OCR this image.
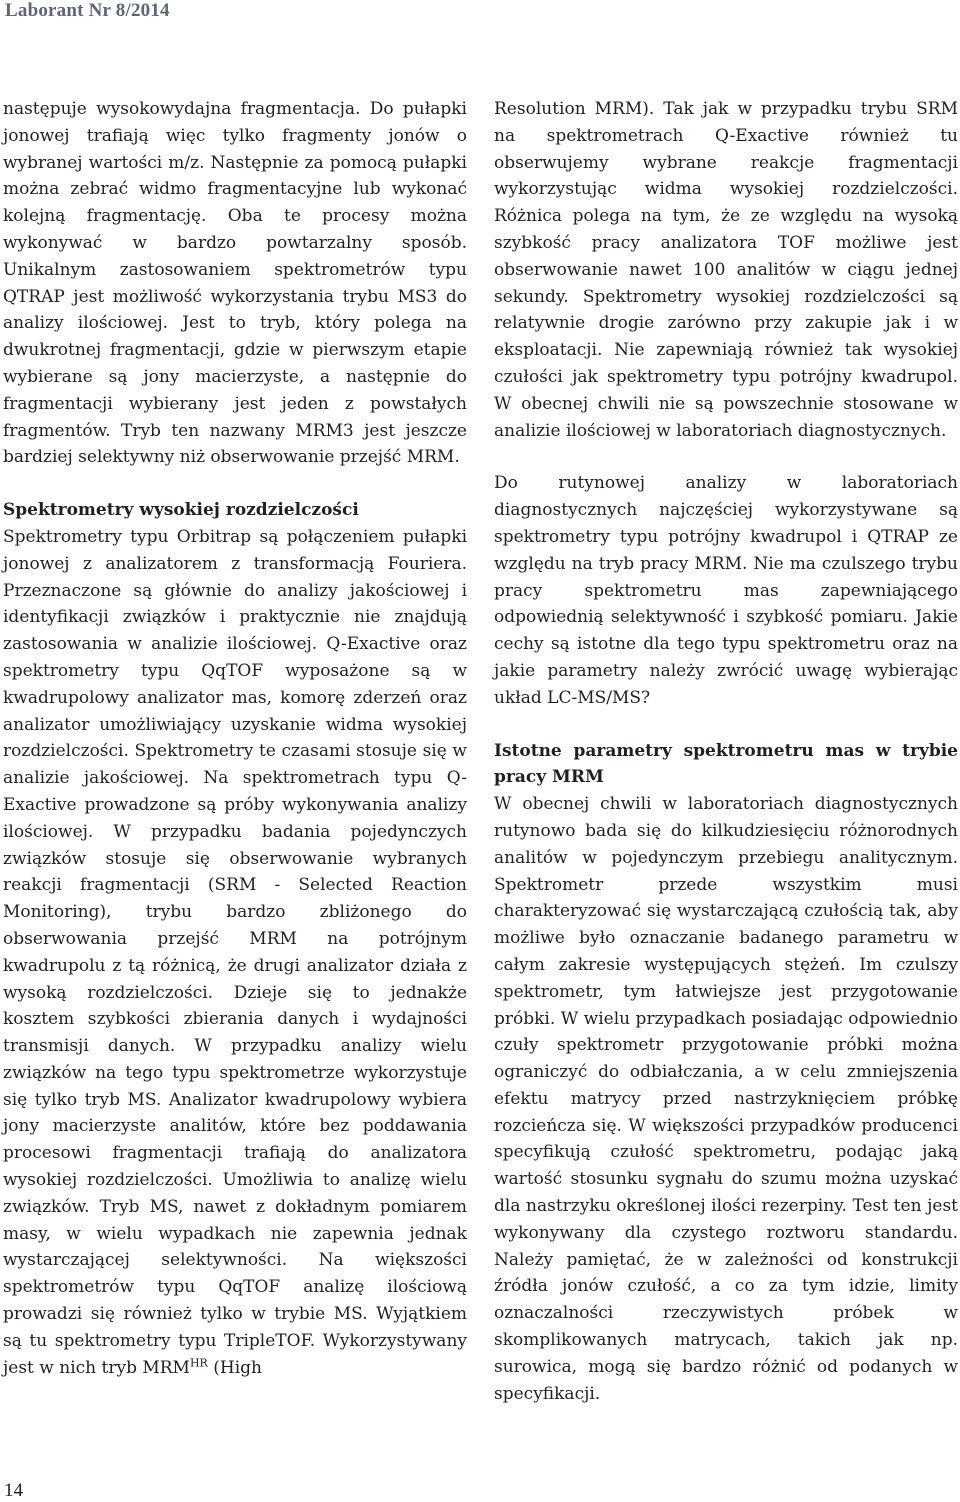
Laborant Nr 8/2014

następuje wysokowydajna fragmentacja. Do pułapki jonowej trafiają więc tylko fragmenty jonów o wybranej wartości m/z. Następnie za pomocą pułapki można zebrać widmo fragmentacyjne lub wykonać kolejną fragmentację. Oba te procesy można wykonywać w bardzo powtarzalny sposób. Unikalnym zastosowaniem spektrometrów typu QTRAP jest możliwość wykorzystania trybu MS3 do analizy ilościowej. Jest to tryb, który polega na dwukrotnej fragmentacji, gdzie w pierwszym etapie wybierane są jony macierzyste, a następnie do fragmentacji wybierany jest jeden z powstałych fragmentów. Tryb ten nazwany MRM3 jest jeszcze bardziej selektywny niż obserwowanie przejść MRM.

Spektrometry wysokiej rozdzielczości

Spektrometry typu Orbitrap są połączeniem pułapki jonowej z analizatorem z transformacją Fouriera. Przeznaczone są głównie do analizy jakościowej i identyfikacji związków i praktycznie nie znajdują zastosowania w analizie ilościowej. Q-Exactive oraz spektrometry typu QqTOF wyposażone są w kwadrupolowy analizator mas, komorę zderzeń oraz analizator umożliwiający uzyskanie widma wysokiej rozdzielczości. Spektrometry te czasami stosuje się w analizie jakościowej. Na spektrometrach typu Q-Exactive prowadzone są próby wykonywania analizy ilościowej. W przypadku badania pojedynczych związków stosuje się obserwowanie wybranych reakcji fragmentacji (SRM - Selected Reaction Monitoring), trybu bardzo zbliżonego do obserwowania przejść MRM na potrójnym kwadrupolu z tą różnicą, że drugi analizator działa z wysoką rozdzielczości. Dzieje się to jednakże kosztem szybkości zbierania danych i wydajności transmisji danych. W przypadku analizy wielu związków na tego typu spektrometrze wykorzystuje się tylko tryb MS. Analizator kwadrupolowy wybiera jony macierzyste analitów, które bez poddawania procesowi fragmentacji trafiają do analizatora wysokiej rozdzielczości. Umożliwia to analizę wielu związków. Tryb MS, nawet z dokładnym pomiarem masy, w wielu wypadkach nie zapewnia jednak wystarczającej selektywności. Na większości spektrometrów typu QqTOF analizę ilościową prowadzi się również tylko w trybie MS. Wyjątkiem są tu spektrometry typu TripleTOF. Wykorzystywany jest w nich tryb $MRM^{HR}$ (High

Resolution MRM). Tak jak w przypadku trybu SRM na spektrometrach Q-Exactive również tu obserwujemy wybrane reakcje fragmentacji wykorzystując widma wysokiej rozdzielczości. Różnica polega na tym, że ze względu na wysoką szybkość pracy analizatora TOF możliwe jest obserwowanie nawet 100 analitów w ciągu jednej sekundy. Spektrometry wysokiej rozdzielczości są relatywnie drogie zarówno przy zakupie jak i w eksploatacji. Nie zapewniają również tak wysokiej czułości jak spektrometry typu potrójny kwadrupol. W obecnej chwili nie są powszechnie stosowane w analizie ilościowej w laboratoriach diagnostycznych.

Do rutynowej analizy w laboratoriach diagnostycznych najczęściej wykorzystywane są spektrometry typu potrójny kwadrupol i QTRAP ze względu na tryb pracy MRM. Nie ma czulszego trybu pracy spektrometru mas zapewniającego odpowiednią selektywność i szybkość pomiaru. Jakie cechy są istotne dla tego typu spektrometru oraz na jakie parametry należy zwrócić uwagę wybierając układ LC-MS/MS?

Istotne parametry spektrometru mas w trybie pracy MRM

W obecnej chwili w laboratoriach diagnostycznych rutynowo bada się do kilkudziesięciu różnorodnych analitów w pojedynczym przebiegu analitycznym. Spektrometr przede wszystkim musi charakteryzować się wystarczającą czułością tak, aby możliwe było oznaczanie badanego parametru w całym zakresie występujących stężeń. Im czulszy spektrometr, tym łatwiejsze jest przygotowanie próbki. W wielu przypadkach posiadając odpowiednio czuły spektrometr przygotowanie próbki można ograniczyć do odbiałczania, a w celu zmniejszenia efektu matrycy przed nastrzyknięciem próbkę rozcieńcza się. W większości przypadków producenci specyfikują czułość spektrometru, podając jaką wartość stosunku sygnału do szumu można uzyskać dla nastrzyku określonej ilości rezerpiny. Test ten jest wykonywany dla czystego roztworu standardu. Należy pamiętać, że w zależności od konstrukcji źródła jonów czułość, a co za tym idzie, limity oznaczalności rzeczywistych próbek w skomplikowanych matrycach, takich jak np. surowica, mogą się bardzo różnić od podanych w specyfikacji.

14
